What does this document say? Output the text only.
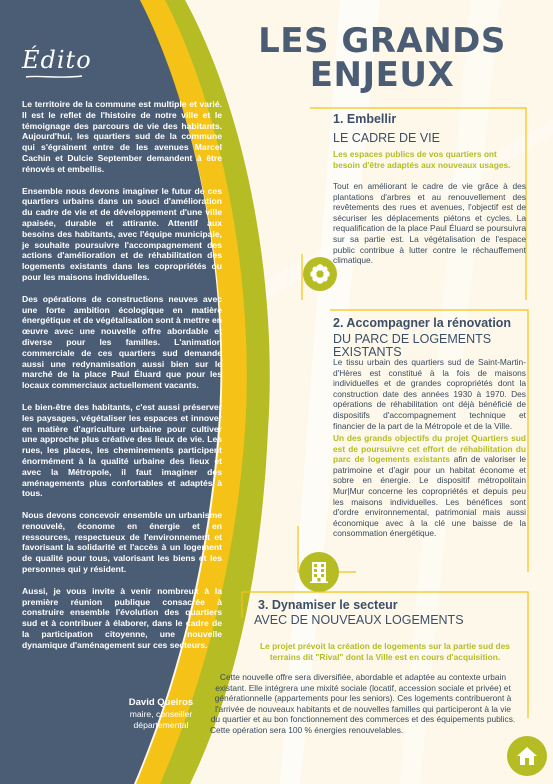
Édito

Le territoire de la commune est multiple et varié. Il est le reflet de l'histoire de notre ville et le témoignage des parcours de vie des habitants. Aujourd'hui, les quartiers sud de la commune qui s'égrainent entre de les avenues Marcel Cachin et Dulcie September demandent à être rénovés et embellis.

Ensemble nous devons imaginer le futur de ces quartiers urbains dans un souci d'amélioration du cadre de vie et de développement d'une ville apaisée, durable et attirante. Attentif aux besoins des habitants, avec l'équipe municipale, je souhaite poursuivre l'accompagnement des actions d'amélioration et de réhabilitation des logements existants dans les copropriétés ou pour les maisons individuelles.

Des opérations de constructions neuves avec une forte ambition écologique en matière énergétique et de végétalisation sont à mettre en œuvre avec une nouvelle offre abordable et diverse pour les familles. L'animation commerciale de ces quartiers sud demande aussi une redynamisation aussi bien sur le marché de la place Paul Éluard que pour les locaux commerciaux actuellement vacants.

Le bien-être des habitants, c'est aussi préserver les paysages, végétaliser les espaces et innover en matière d'agriculture urbaine pour cultiver une approche plus créative des lieux de vie. Les rues, les places, les cheminements participent énormément à la qualité urbaine des lieux et avec la Métropole, il faut imaginer des aménagements plus confortables et adaptés à tous.

Nous devons concevoir ensemble un urbanisme renouvelé, économe en énergie et en ressources, respectueux de l'environnement et favorisant la solidarité et l'accès à un logement de qualité pour tous, valorisant les biens et les personnes qui y résident.

Aussi, je vous invite à venir nombreux à la première réunion publique consacrée à construire ensemble l'évolution des quartiers sud et à contribuer à élaborer, dans le cadre de la participation citoyenne, une nouvelle dynamique d'aménagement sur ces secteurs.

David Queiros
maire, conseiller
départemental
LES GRANDS
ENJEUX
1. Embellir
LE CADRE DE VIE
Les espaces publics de vos quartiers ont besoin d'être adaptés aux nouveaux usages.
Tout en améliorant le cadre de vie grâce à des plantations d'arbres et au renouvellement des revêtements des rues et avenues, l'objectif est de sécuriser les déplacements piétons et cycles. La requalification de la place Paul Éluard se poursuivra sur sa partie est. La végétalisation de l'espace public contribue à lutter contre le réchauffement climatique.
2. Accompagner la rénovation
DU PARC DE LOGEMENTS
EXISTANTS
Le tissu urbain des quartiers sud de Saint-Martin-d'Hères est constitué à la fois de maisons individuelles et de grandes copropriétés dont la construction date des années 1930 à 1970. Des opérations de réhabilitation ont déjà bénéficié de dispositifs d'accompagnement technique et financier de la part de la Métropole et de la Ville.
Un des grands objectifs du projet Quartiers sud est de poursuivre cet effort de réhabilitation du parc de logements existants afin de valoriser le patrimoine et d'agir pour un habitat économe et sobre en énergie. Le dispositif métropolitain Mur|Mur concerne les copropriétés et depuis peu les maisons individuelles. Les bénéfices sont d'ordre environnemental, patrimonial mais aussi économique avec à la clé une baisse de la consommation énergétique.
3. Dynamiser le secteur
AVEC DE NOUVEAUX LOGEMENTS
Le projet prévoit la création de logements sur la partie sud des terrains dit "Rival" dont la Ville est en cours d'acquisition.

Cette nouvelle offre sera diversifiée, abordable et adaptée au contexte urbain existant. Elle intégrera une mixité sociale (locatif, accession sociale et privée) et générationnelle (appartements pour les seniors). Ces logements contribueront à l'arrivée de nouveaux habitants et de nouvelles familles qui participeront à la vie du quartier et au bon fonctionnement des commerces et des équipements publics.

Cette opération sera 100 % énergies renouvelables.
